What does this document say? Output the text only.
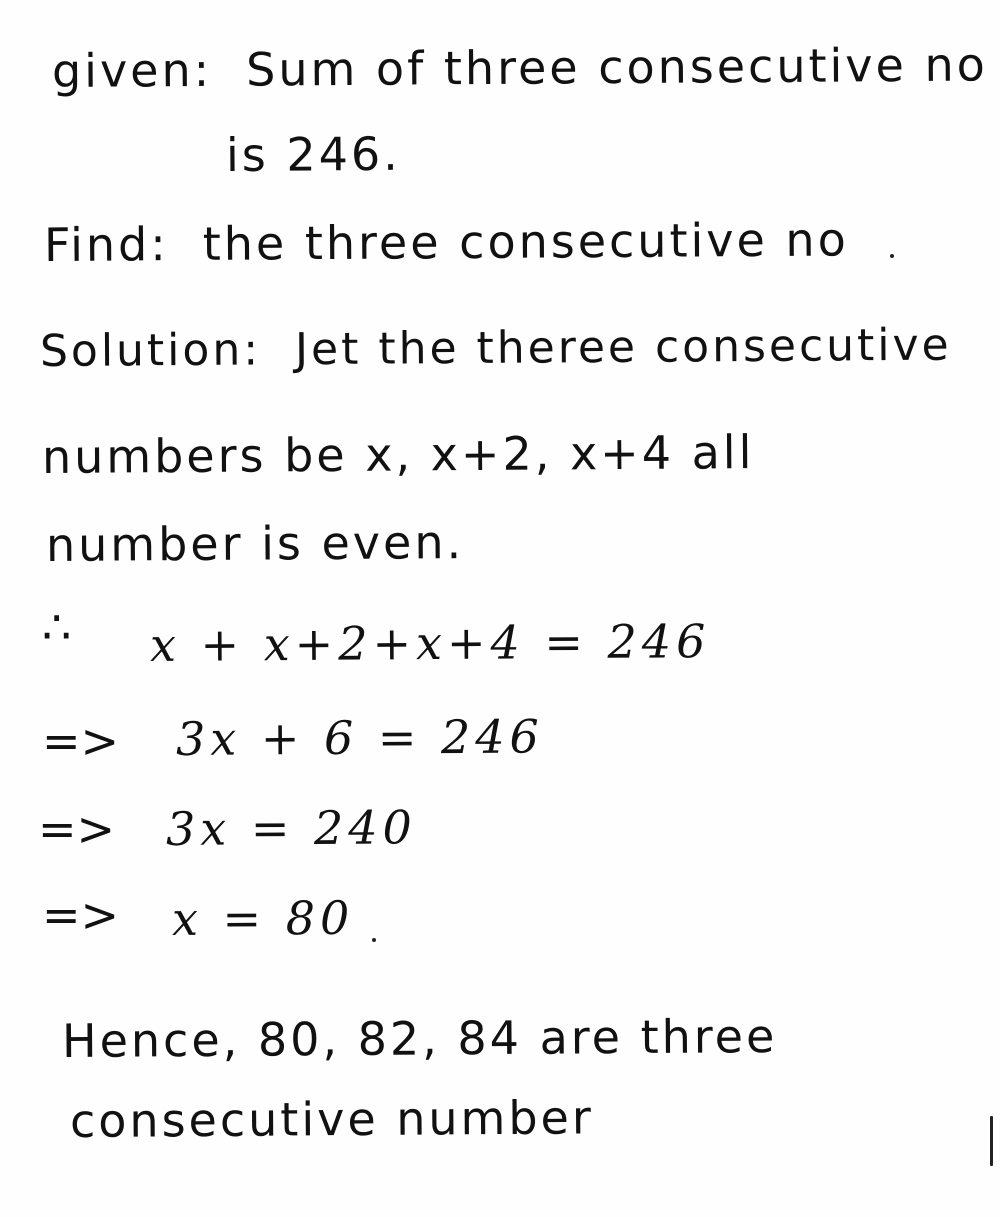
given: Sum of three consecutive no
is 246.
Find: the three consecutive no
Solution: Jet the theree consecutive
numbers be x, x+2, x+4 all
number is even.
∴ x + x+2+x+4 = 246
=> 3x + 6 = 246
=> 3x = 240
=> x = 80
Hence, 80, 82, 84 are three
consecutive number
